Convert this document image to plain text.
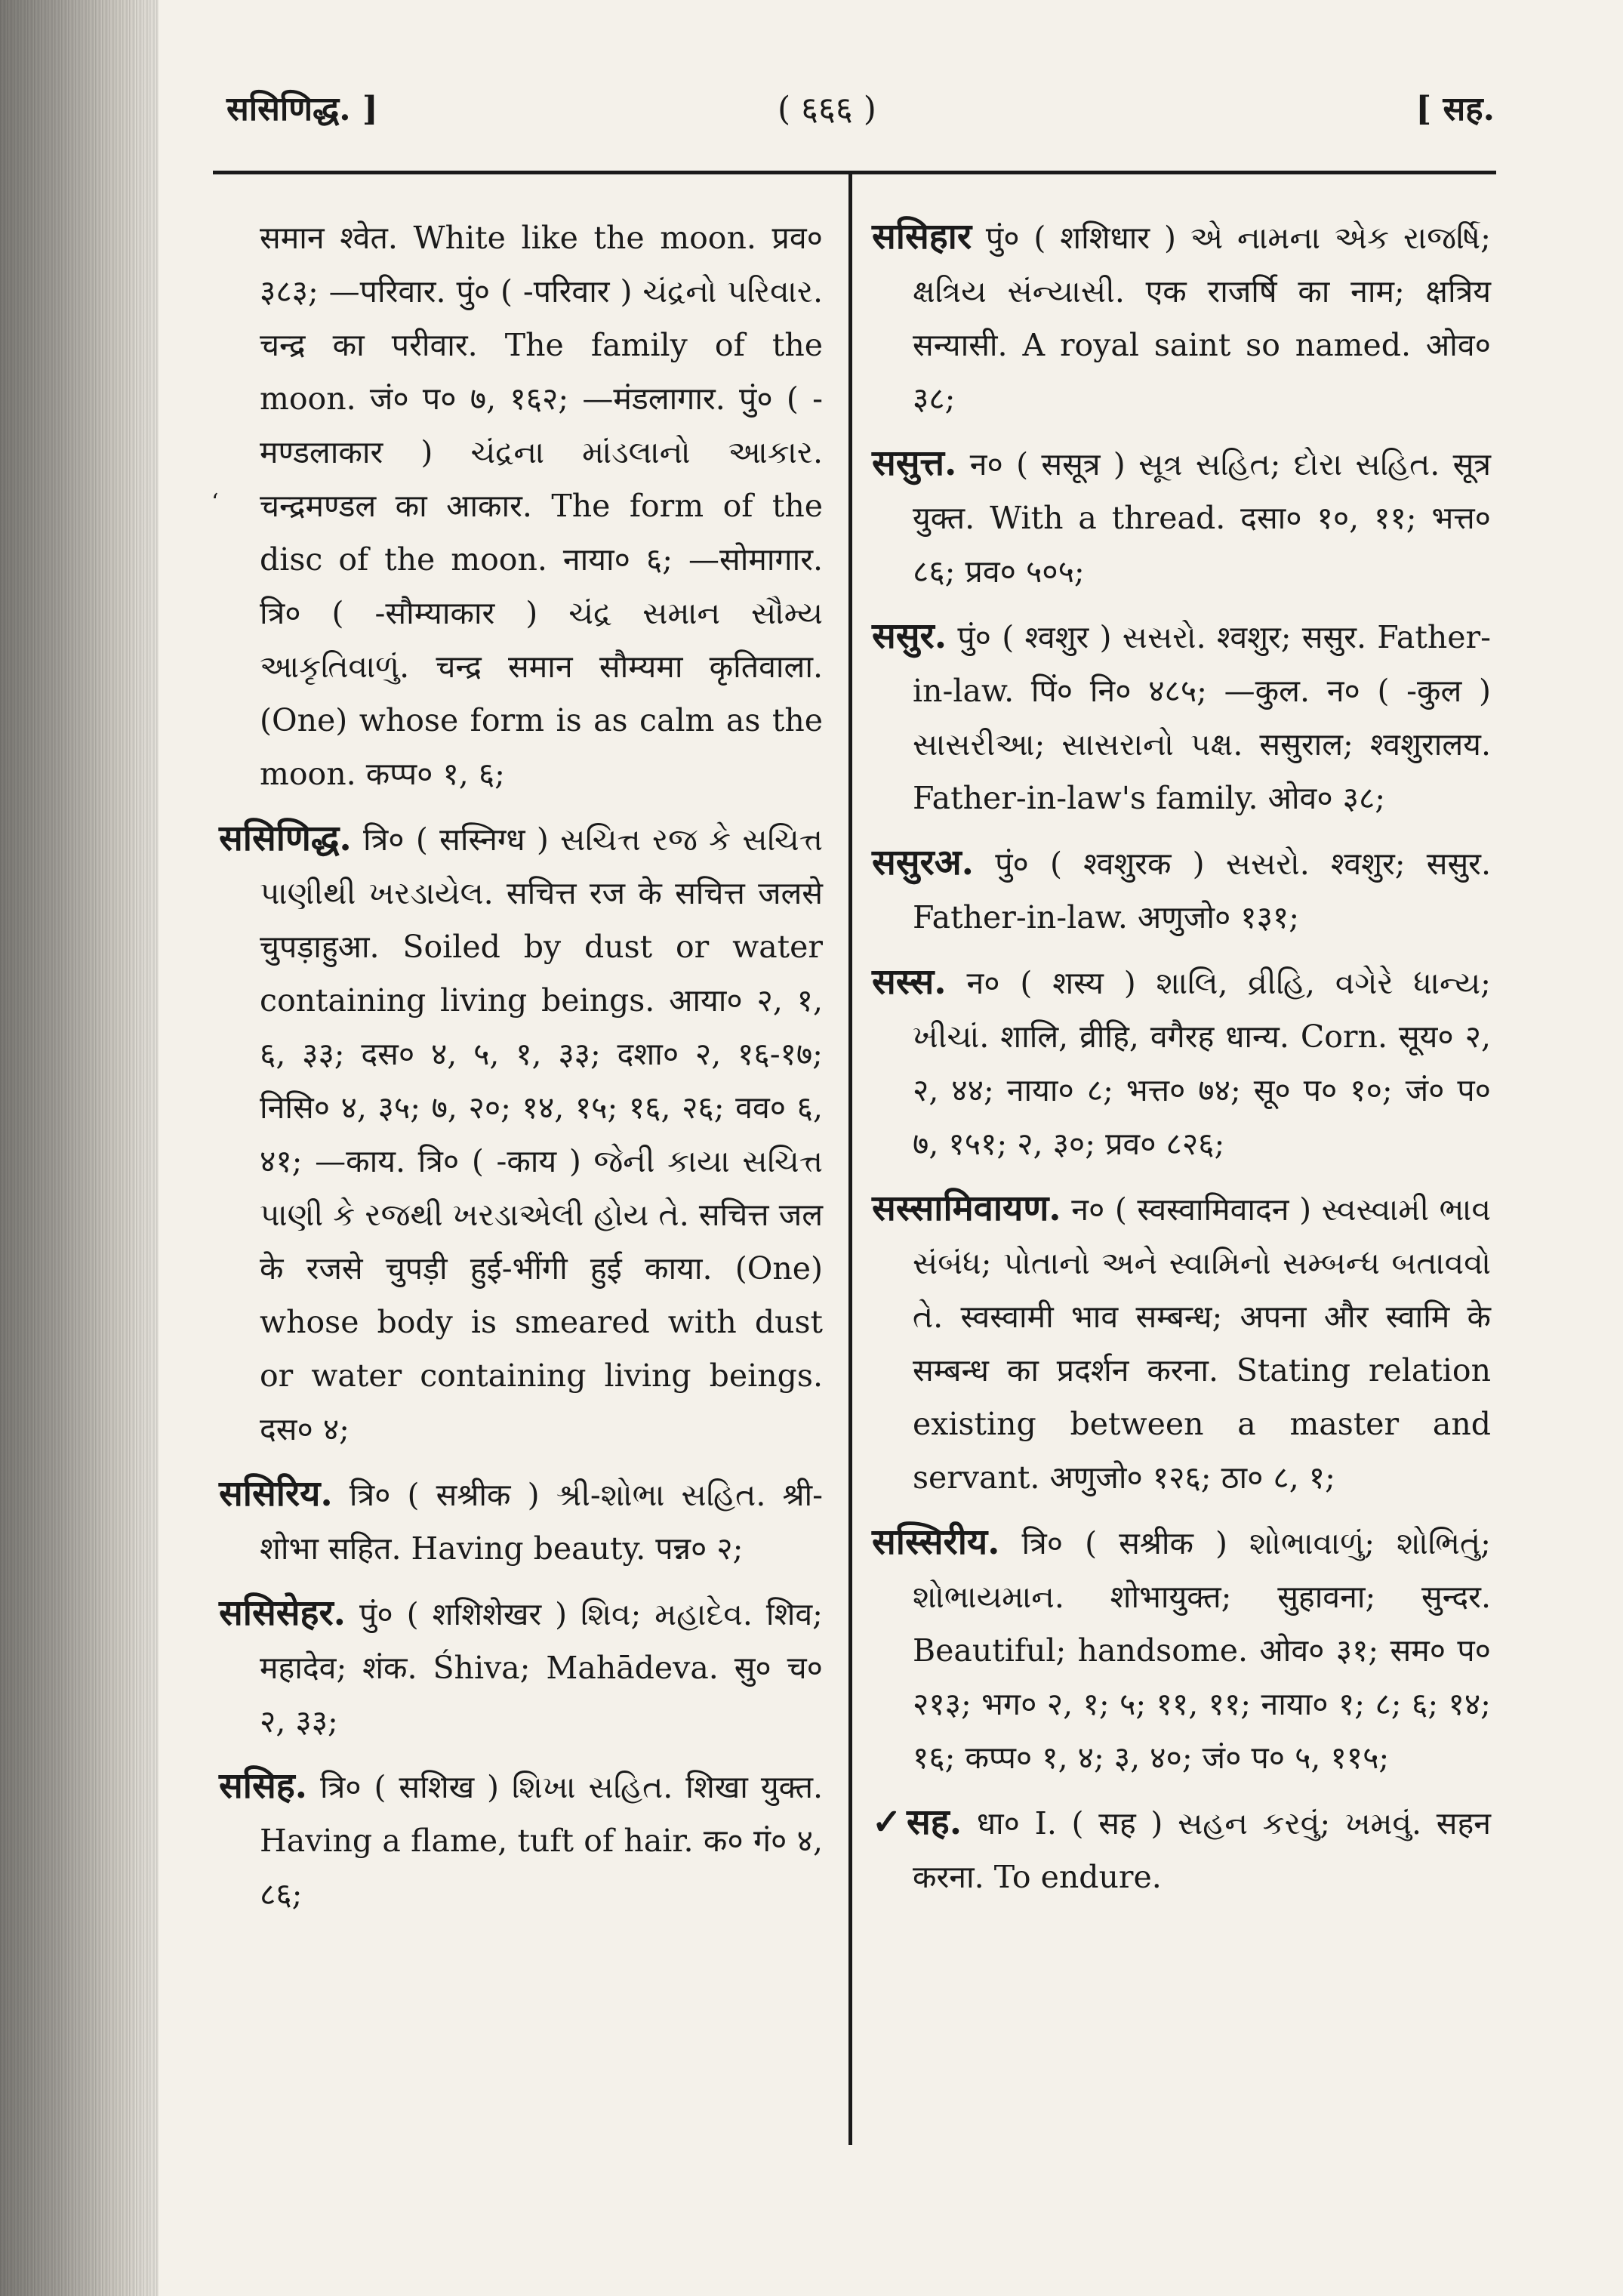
ससिणिद्ध. ]	( ६६६ )	[ सह.
‘

समान श्वेत. White like the moon. प्रव० ३८३; —परिवार. पुं० ( -परिवार ) ચંદ્રનો પરિવાર. चन्द्र का परीवार. The family of the moon. जं० प० ७, १६२; —मंडलागार. पुं० ( -मण्डलाकार ) ચંદ્રના માંડલાનો આકાર. चन्द्रमण्डल का आकार. The form of the disc of the moon. नाया० ६; —सोमागार. त्रि० ( -सौम्याकार ) ચંદ્ર સમાન સૌમ્ય આકૃતિવાળું. चन्द्र समान सौम्यमा कृतिवाला. (One) whose form is as calm as the moon. कप्प० १, ६;

ससिणिद्ध. त्रि० ( सस्निग्ध ) સચિત્ત રજ કે સચિત્ત પાણીથી ખરડાયેલ. सचित्त रज के सचित्त जलसे चुपड़ाहुआ. Soiled by dust or water containing living beings. आया० २, १, ६, ३३; दस० ४, ५, १, ३३; दशा० २, १६-१७; निसि० ४, ३५; ७, २०; १४, १५; १६, २६; वव० ६, ४१; —काय. त्रि० ( -काय ) જેની કાયા સચિત્ત પાણી કે રજથી ખરડાએલી હોય તે. सचित्त जल के रजसे चुपड़ी हुई-भींगी हुई काया. (One) whose body is smeared with dust or water containing living beings. दस० ४;

ससिरिय. त्रि० ( सश्रीक ) શ્રી-શોભા સહિત. श्री-शोभा सहित. Having beauty. पन्न० २;

ससिसेहर. पुं० ( शशिशेखर ) શિવ; મહાદેવ. शिव; महादेव; शंक. Śhiva; Mahādeva. सु० च० २, ३३;

ससिह. त्रि० ( सशिख ) શિખા સહિત. शिखा युक्त. Having a flame, tuft of hair. क० गं० ४, ८६;

ससिहार पुं० ( शशिधार ) એ નામના એક રાજર્ષિ; ક્ષત્રિય સંન્યાસી. एक राजर्षि का नाम; क्षत्रिय सन्यासी. A royal saint so named. ओव० ३८;

ससुत्त. न० ( ससूत्र ) સૂત્ર સહિત; દોરા સહિત. सूत्र युक्त. With a thread. दसा० १०, ११; भत्त० ८६; प्रव० ५०५;

ससुर. पुं० ( श्वशुर ) સસરો. श्वशुर; ससुर. Father-in-law. पिं० नि० ४८५; —कुल. न० ( -कुल ) સાસરીઆ; સાસરાનો પક્ષ. ससुराल; श्वशुरालय. Father-in-law's family. ओव० ३८;

ससुरअ. पुं० ( श्वशुरक ) સસરો. श्वशुर; ससुर. Father-in-law. अणुजो० १३१;

सस्स. न० ( शस्य ) શાલિ, વ્રીહિ, વગેરે ધાન્ય; ખીચાં. शालि, व्रीहि, वगैरह धान्य. Corn. सूय० २, २, ४४; नाया० ८; भत्त० ७४; सू० प० १०; जं० प० ७, १५१; २, ३०; प्रव० ८२६;

सस्सामिवायण. न० ( स्वस्वामिवादन ) સ્વસ્વામી ભાવ સંબંધ; પોતાનો અને સ્વામિનો સમ્બન્ધ બતાવવો તે. स्वस्वामी भाव सम्बन्ध; अपना और स्वामि के सम्बन्ध का प्रदर्शन करना. Stating relation existing between a master and servant. अणुजो० १२६; ठा० ८, १;

सस्सिरीय. त्रि० ( सश्रीक ) શોભાવાળું; શોભિતું; શોભાયમાન. शोभायुक्त; सुहावना; सुन्दर. Beautiful; handsome. ओव० ३१; सम० प० २१३; भग० २, १; ५; ११, ११; नाया० १; ८; ६; १४; १६; कप्प० १, ४; ३, ४०; जं० प० ५, ११५;

✓सह. धा० I. ( सह ) સહન કરવું; ખમવું. सहन करना. To endure.
